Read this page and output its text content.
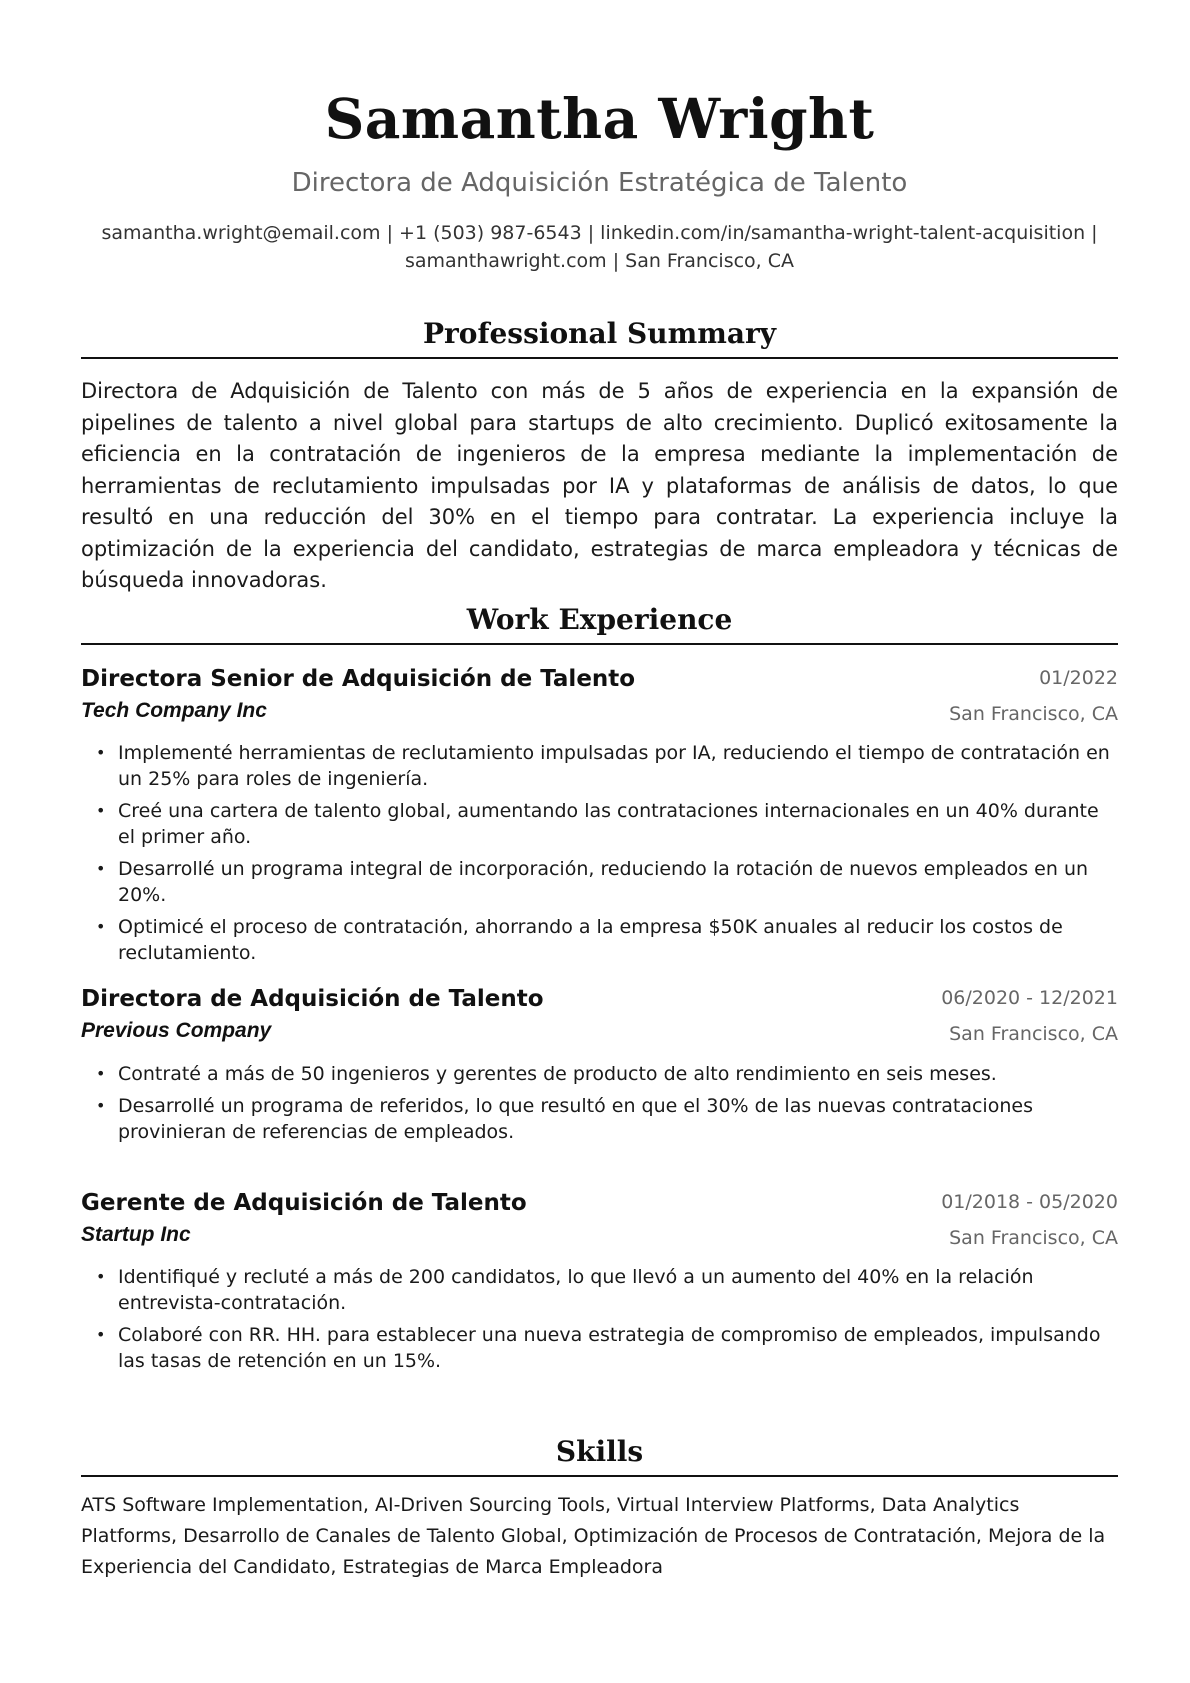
Samantha Wright
Directora de Adquisición Estratégica de Talento
samantha.wright@email.com | +1 (503) 987-6543 | linkedin.com/in/samantha-wright-talent-acquisition |
samanthawright.com | San Francisco, CA
Professional Summary

Directora de Adquisición de Talento con más de 5 años de experiencia en la expansión de pipelines de talento a nivel global para startups de alto crecimiento. Duplicó exitosamente la eficiencia en la contratación de ingenieros de la empresa mediante la implementación de herramientas de reclutamiento impulsadas por IA y plataformas de análisis de datos, lo que resultó en una reducción del 30% en el tiempo para contratar. La experiencia incluye la optimización de la experiencia del candidato, estrategias de marca empleadora y técnicas de búsqueda innovadoras.

Work Experience
Directora Senior de Adquisición de Talento	01/2022
Tech Company Inc	San Francisco, CA
• Implementé herramientas de reclutamiento impulsadas por IA, reduciendo el tiempo de contratación en un 25% para roles de ingeniería.
• Creé una cartera de talento global, aumentando las contrataciones internacionales en un 40% durante el primer año.
• Desarrollé un programa integral de incorporación, reduciendo la rotación de nuevos empleados en un 20%.
• Optimicé el proceso de contratación, ahorrando a la empresa $50K anuales al reducir los costos de reclutamiento.
Directora de Adquisición de Talento	06/2020 - 12/2021
Previous Company	San Francisco, CA
• Contraté a más de 50 ingenieros y gerentes de producto de alto rendimiento en seis meses.
• Desarrollé un programa de referidos, lo que resultó en que el 30% de las nuevas contrataciones provinieran de referencias de empleados.
Gerente de Adquisición de Talento	01/2018 - 05/2020
Startup Inc	San Francisco, CA
• Identifiqué y recluté a más de 200 candidatos, lo que llevó a un aumento del 40% en la relación entrevista-contratación.
• Colaboré con RR. HH. para establecer una nueva estrategia de compromiso de empleados, impulsando las tasas de retención en un 15%.
Skills

ATS Software Implementation, AI-Driven Sourcing Tools, Virtual Interview Platforms, Data Analytics Platforms, Desarrollo de Canales de Talento Global, Optimización de Procesos de Contratación, Mejora de la Experiencia del Candidato, Estrategias de Marca Empleadora
